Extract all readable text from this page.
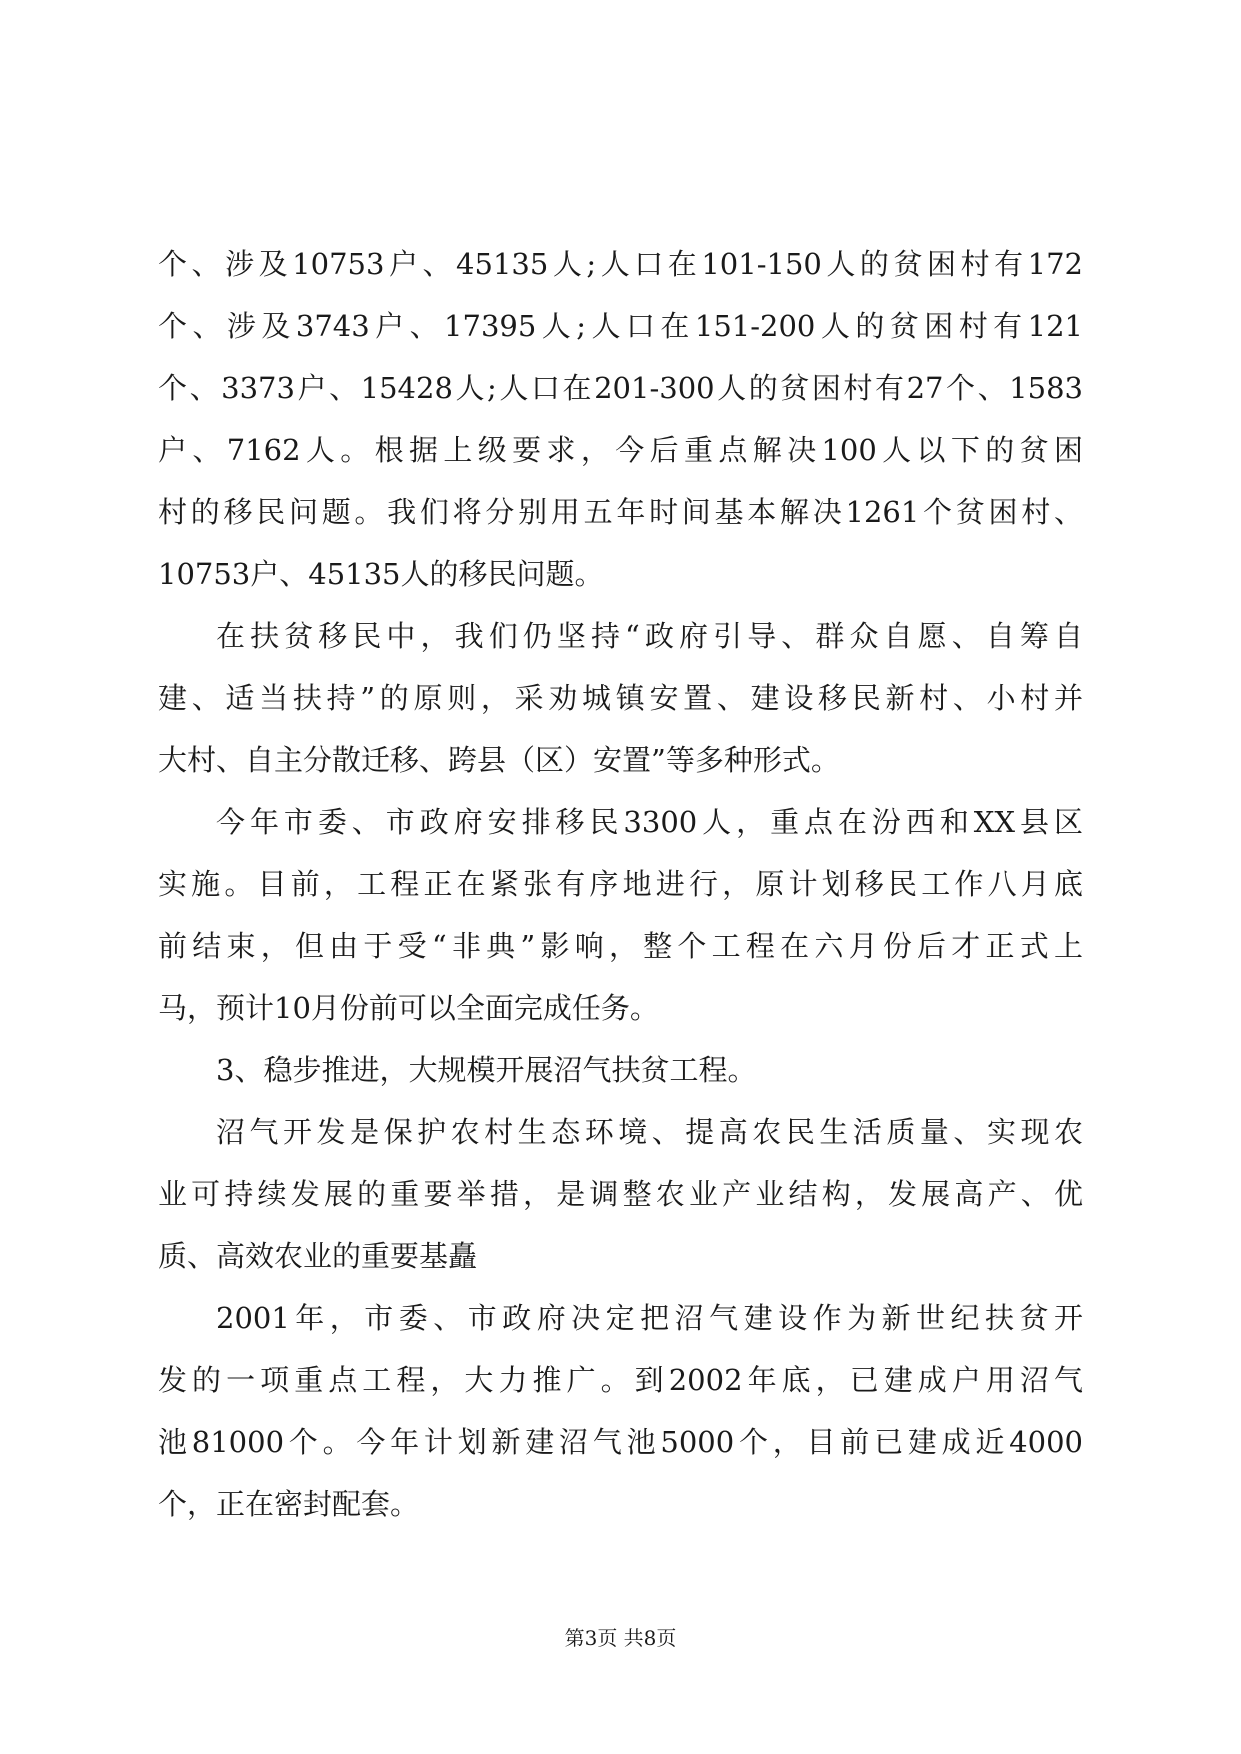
个、涉及10753户、45135人;人口在101-150人的贫困村有172
个、涉及3743户、17395人;人口在151-200人的贫困村有121
个、3373户、15428人;人口在201-300人的贫困村有27个、1583
户、7162人。根据上级要求，今后重点解决100人以下的贫困
村的移民问题。我们将分别用五年时间基本解决1261个贫困村、
10753户、45135人的移民问题。
在扶贫移民中，我们仍坚持“政府引导、群众自愿、自筹自
建、适当扶持”的原则，采劝城镇安置、建设移民新村、小村并
大村、自主分散迁移、跨县（区）安置”等多种形式。
今年市委、市政府安排移民3300人，重点在汾西和XX县区
实施。目前，工程正在紧张有序地进行，原计划移民工作八月底
前结束，但由于受“非典”影响，整个工程在六月份后才正式上
马，预计10月份前可以全面完成任务。
3、稳步推进，大规模开展沼气扶贫工程。
沼气开发是保护农村生态环境、提高农民生活质量、实现农
业可持续发展的重要举措，是调整农业产业结构，发展高产、优
质、高效农业的重要基矗
2001年，市委、市政府决定把沼气建设作为新世纪扶贫开
发的一项重点工程，大力推广。到2002年底，已建成户用沼气
池81000个。今年计划新建沼气池5000个，目前已建成近4000
个，正在密封配套。
第3页 共8页
